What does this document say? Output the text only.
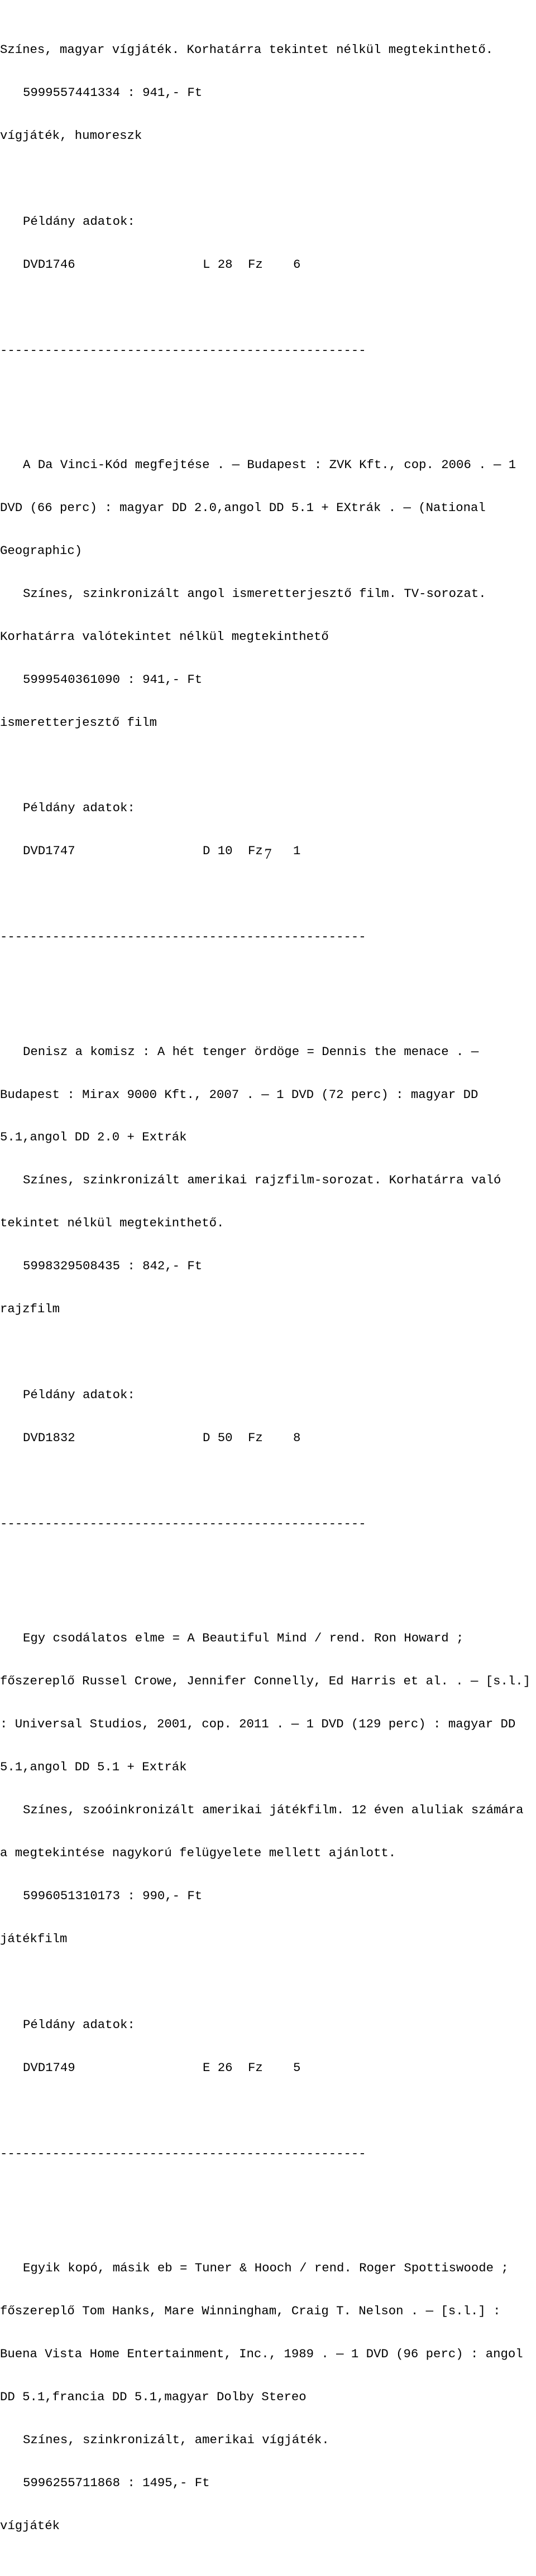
Színes, magyar vígjáték. Korhatárra tekintet nélkül megtekinthető.

5999557441334 : 941,- Ft

vígjáték, humoreszk

Példány adatok:

DVD1746	L 28 Fz 6

-------------------------------------------------

A Da Vinci-Kód megfejtése . — Budapest : ZVK Kft., cop. 2006 . — 1

DVD (66 perc) : magyar DD 2.0,angol DD 5.1 + EXtrák . — (National

Geographic)

Színes, szinkronizált angol ismeretterjesztő film. TV-sorozat.

Korhatárra valótekintet nélkül megtekinthető

5999540361090 : 941,- Ft

ismeretterjesztő film

Példány adatok:

DVD1747	D 10 Fz 1

-------------------------------------------------

Denisz a komisz : A hét tenger ördöge = Dennis the menace . —

Budapest : Mirax 9000 Kft., 2007 . — 1 DVD (72 perc) : magyar DD

5.1,angol DD 2.0 + Extrák

Színes, szinkronizált amerikai rajzfilm-sorozat. Korhatárra való

tekintet nélkül megtekinthető.

5998329508435 : 842,- Ft

rajzfilm

Példány adatok:

DVD1832	D 50 Fz 8

-------------------------------------------------

Egy csodálatos elme = A Beautiful Mind / rend. Ron Howard ;

főszereplő Russel Crowe, Jennifer Connelly, Ed Harris et al. . — [s.l.]

: Universal Studios, 2001, cop. 2011 . — 1 DVD (129 perc) : magyar DD

5.1,angol DD 5.1 + Extrák

Színes, szoóinkronizált amerikai játékfilm. 12 éven aluliak számára

a megtekintése nagykorú felügyelete mellett ajánlott.

5996051310173 : 990,- Ft

játékfilm

Példány adatok:

DVD1749	E 26 Fz 5

-------------------------------------------------

Egyik kopó, másik eb = Tuner & Hooch / rend. Roger Spottiswoode ;

főszereplő Tom Hanks, Mare Winningham, Craig T. Nelson . — [s.l.] :

Buena Vista Home Entertainment, Inc., 1989 . — 1 DVD (96 perc) : angol

DD 5.1,francia DD 5.1,magyar Dolby Stereo

Színes, szinkronizált, amerikai vígjáték.

5996255711868 : 1495,- Ft

vígjáték

7
